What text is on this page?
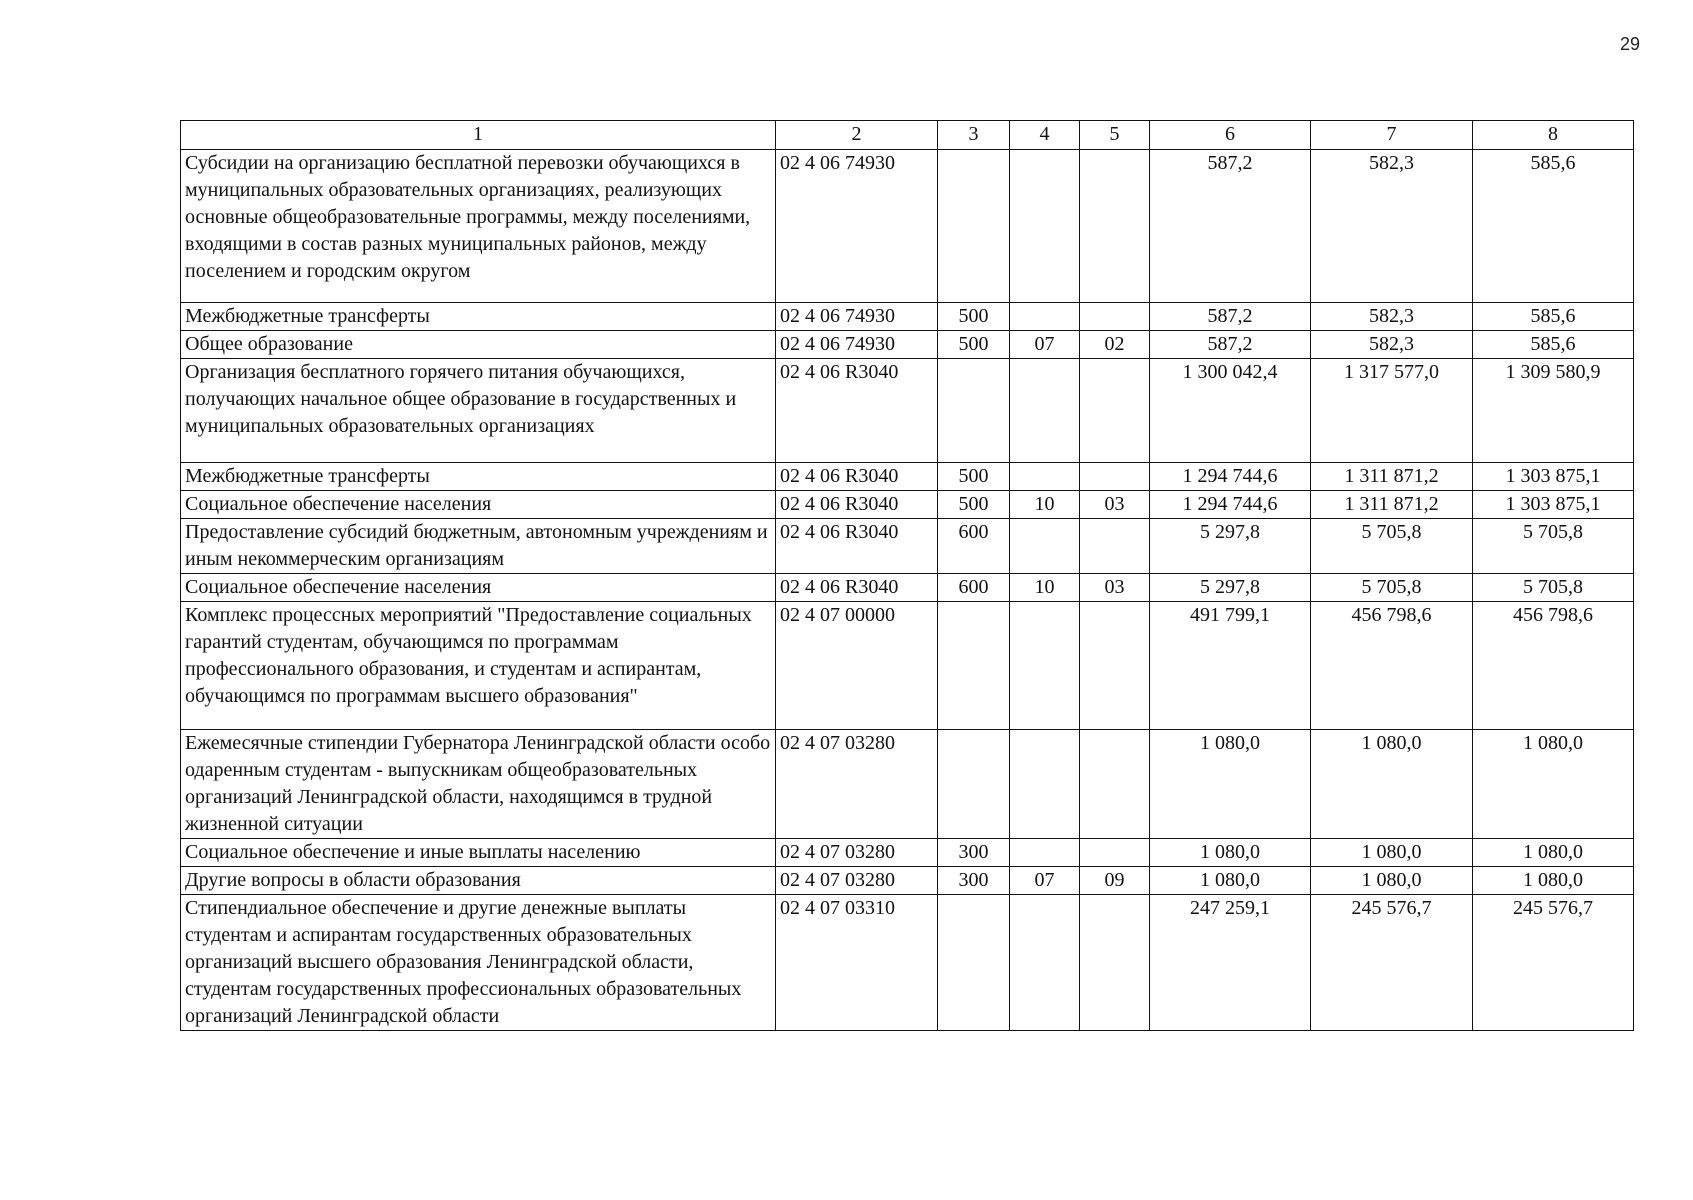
29
1	2	3	4	5	6	7	8
Субсидии на организацию бесплатной перевозки обучающихся в муниципальных образовательных организациях, реализующих основные общеобразовательные программы, между поселениями, входящими в состав разных муниципальных районов, между поселением и городским округом	02 4 06 74930				587,2	582,3	585,6
Межбюджетные трансферты	02 4 06 74930	500			587,2	582,3	585,6
Общее образование	02 4 06 74930	500	07	02	587,2	582,3	585,6
Организация бесплатного горячего питания обучающихся, получающих начальное общее образование в государственных и муниципальных образовательных организациях	02 4 06 R3040				1 300 042,4	1 317 577,0	1 309 580,9
Межбюджетные трансферты	02 4 06 R3040	500			1 294 744,6	1 311 871,2	1 303 875,1
Социальное обеспечение населения	02 4 06 R3040	500	10	03	1 294 744,6	1 311 871,2	1 303 875,1
Предоставление субсидий бюджетным, автономным учреждениям и иным некоммерческим организациям	02 4 06 R3040	600			5 297,8	5 705,8	5 705,8
Социальное обеспечение населения	02 4 06 R3040	600	10	03	5 297,8	5 705,8	5 705,8
Комплекс процессных мероприятий "Предоставление социальных гарантий студентам, обучающимся по программам профессионального образования, и студентам и аспирантам, обучающимся по программам высшего образования"	02 4 07 00000				491 799,1	456 798,6	456 798,6
Ежемесячные стипендии Губернатора Ленинградской области особо одаренным студентам - выпускникам общеобразовательных организаций Ленинградской области, находящимся в трудной жизненной ситуации	02 4 07 03280				1 080,0	1 080,0	1 080,0
Социальное обеспечение и иные выплаты населению	02 4 07 03280	300			1 080,0	1 080,0	1 080,0
Другие вопросы в области образования	02 4 07 03280	300	07	09	1 080,0	1 080,0	1 080,0
Стипендиальное обеспечение и другие денежные выплаты студентам и аспирантам государственных образовательных организаций высшего образования Ленинградской области, студентам государственных профессиональных образовательных организаций Ленинградской области	02 4 07 03310				247 259,1	245 576,7	245 576,7
